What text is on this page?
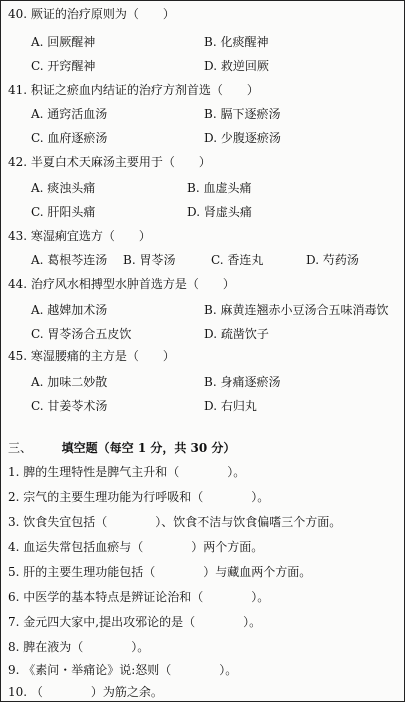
40. 厥证的治疗原则为（　　）
A. 回厥醒神	B. 化痰醒神
C. 开窍醒神	D. 救逆回厥
41. 积证之瘀血内结证的治疗方剂首选（　　）
A. 通窍活血汤	B. 膈下逐瘀汤
C. 血府逐瘀汤	D. 少腹逐瘀汤
42. 半夏白术天麻汤主要用于（　　）
A. 痰浊头痛	B. 血虚头痛
C. 肝阳头痛	D. 肾虚头痛
43. 寒湿痢宜选方（　　）
A. 葛根芩连汤 B. 胃苓汤	C. 香连丸	D. 芍药汤
44. 治疗风水相搏型水肿首选方是（　　）
A. 越婢加术汤	B. 麻黄连翘赤小豆汤合五味消毒饮
C. 胃苓汤合五皮饮	D. 疏凿饮子
45. 寒湿腰痛的主方是（　　）
A. 加味二妙散	B. 身痛逐瘀汤
C. 甘姜苓术汤	D. 右归丸
三、 填空题（每空 1 分，共 30 分）
1. 脾的生理特性是脾气主升和（　　　　）。
2. 宗气的主要生理功能为行呼吸和（　　　　）。
3. 饮食失宜包括（　　　　）、饮食不洁与饮食偏嗜三个方面。
4. 血运失常包括血瘀与（　　　　）两个方面。
5. 肝的主要生理功能包括（　　　　）与藏血两个方面。
6. 中医学的基本特点是辨证论治和（　　　　）。
7. 金元四大家中,提出攻邪论的是（　　　　）。
8. 脾在液为（　　　　）。
9. 《素问・举痛论》说:怒则（　　　　）。
10. （　　　　）为筋之余。
